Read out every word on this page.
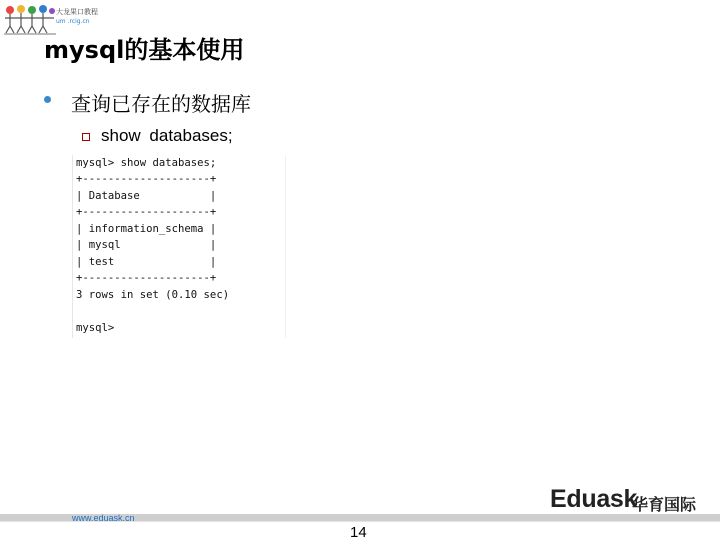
大龙果口教程
um .rcig.cn
mysql的基本使用
查询已存在的数据库
show databases;
mysql> show databases;
+--------------------+
| Database           |
+--------------------+
| information_schema |
| mysql              |
| test               |
+--------------------+
3 rows in set (0.10 sec)
mysql>
www.eduask.cn
Eduask
华育国际
14
